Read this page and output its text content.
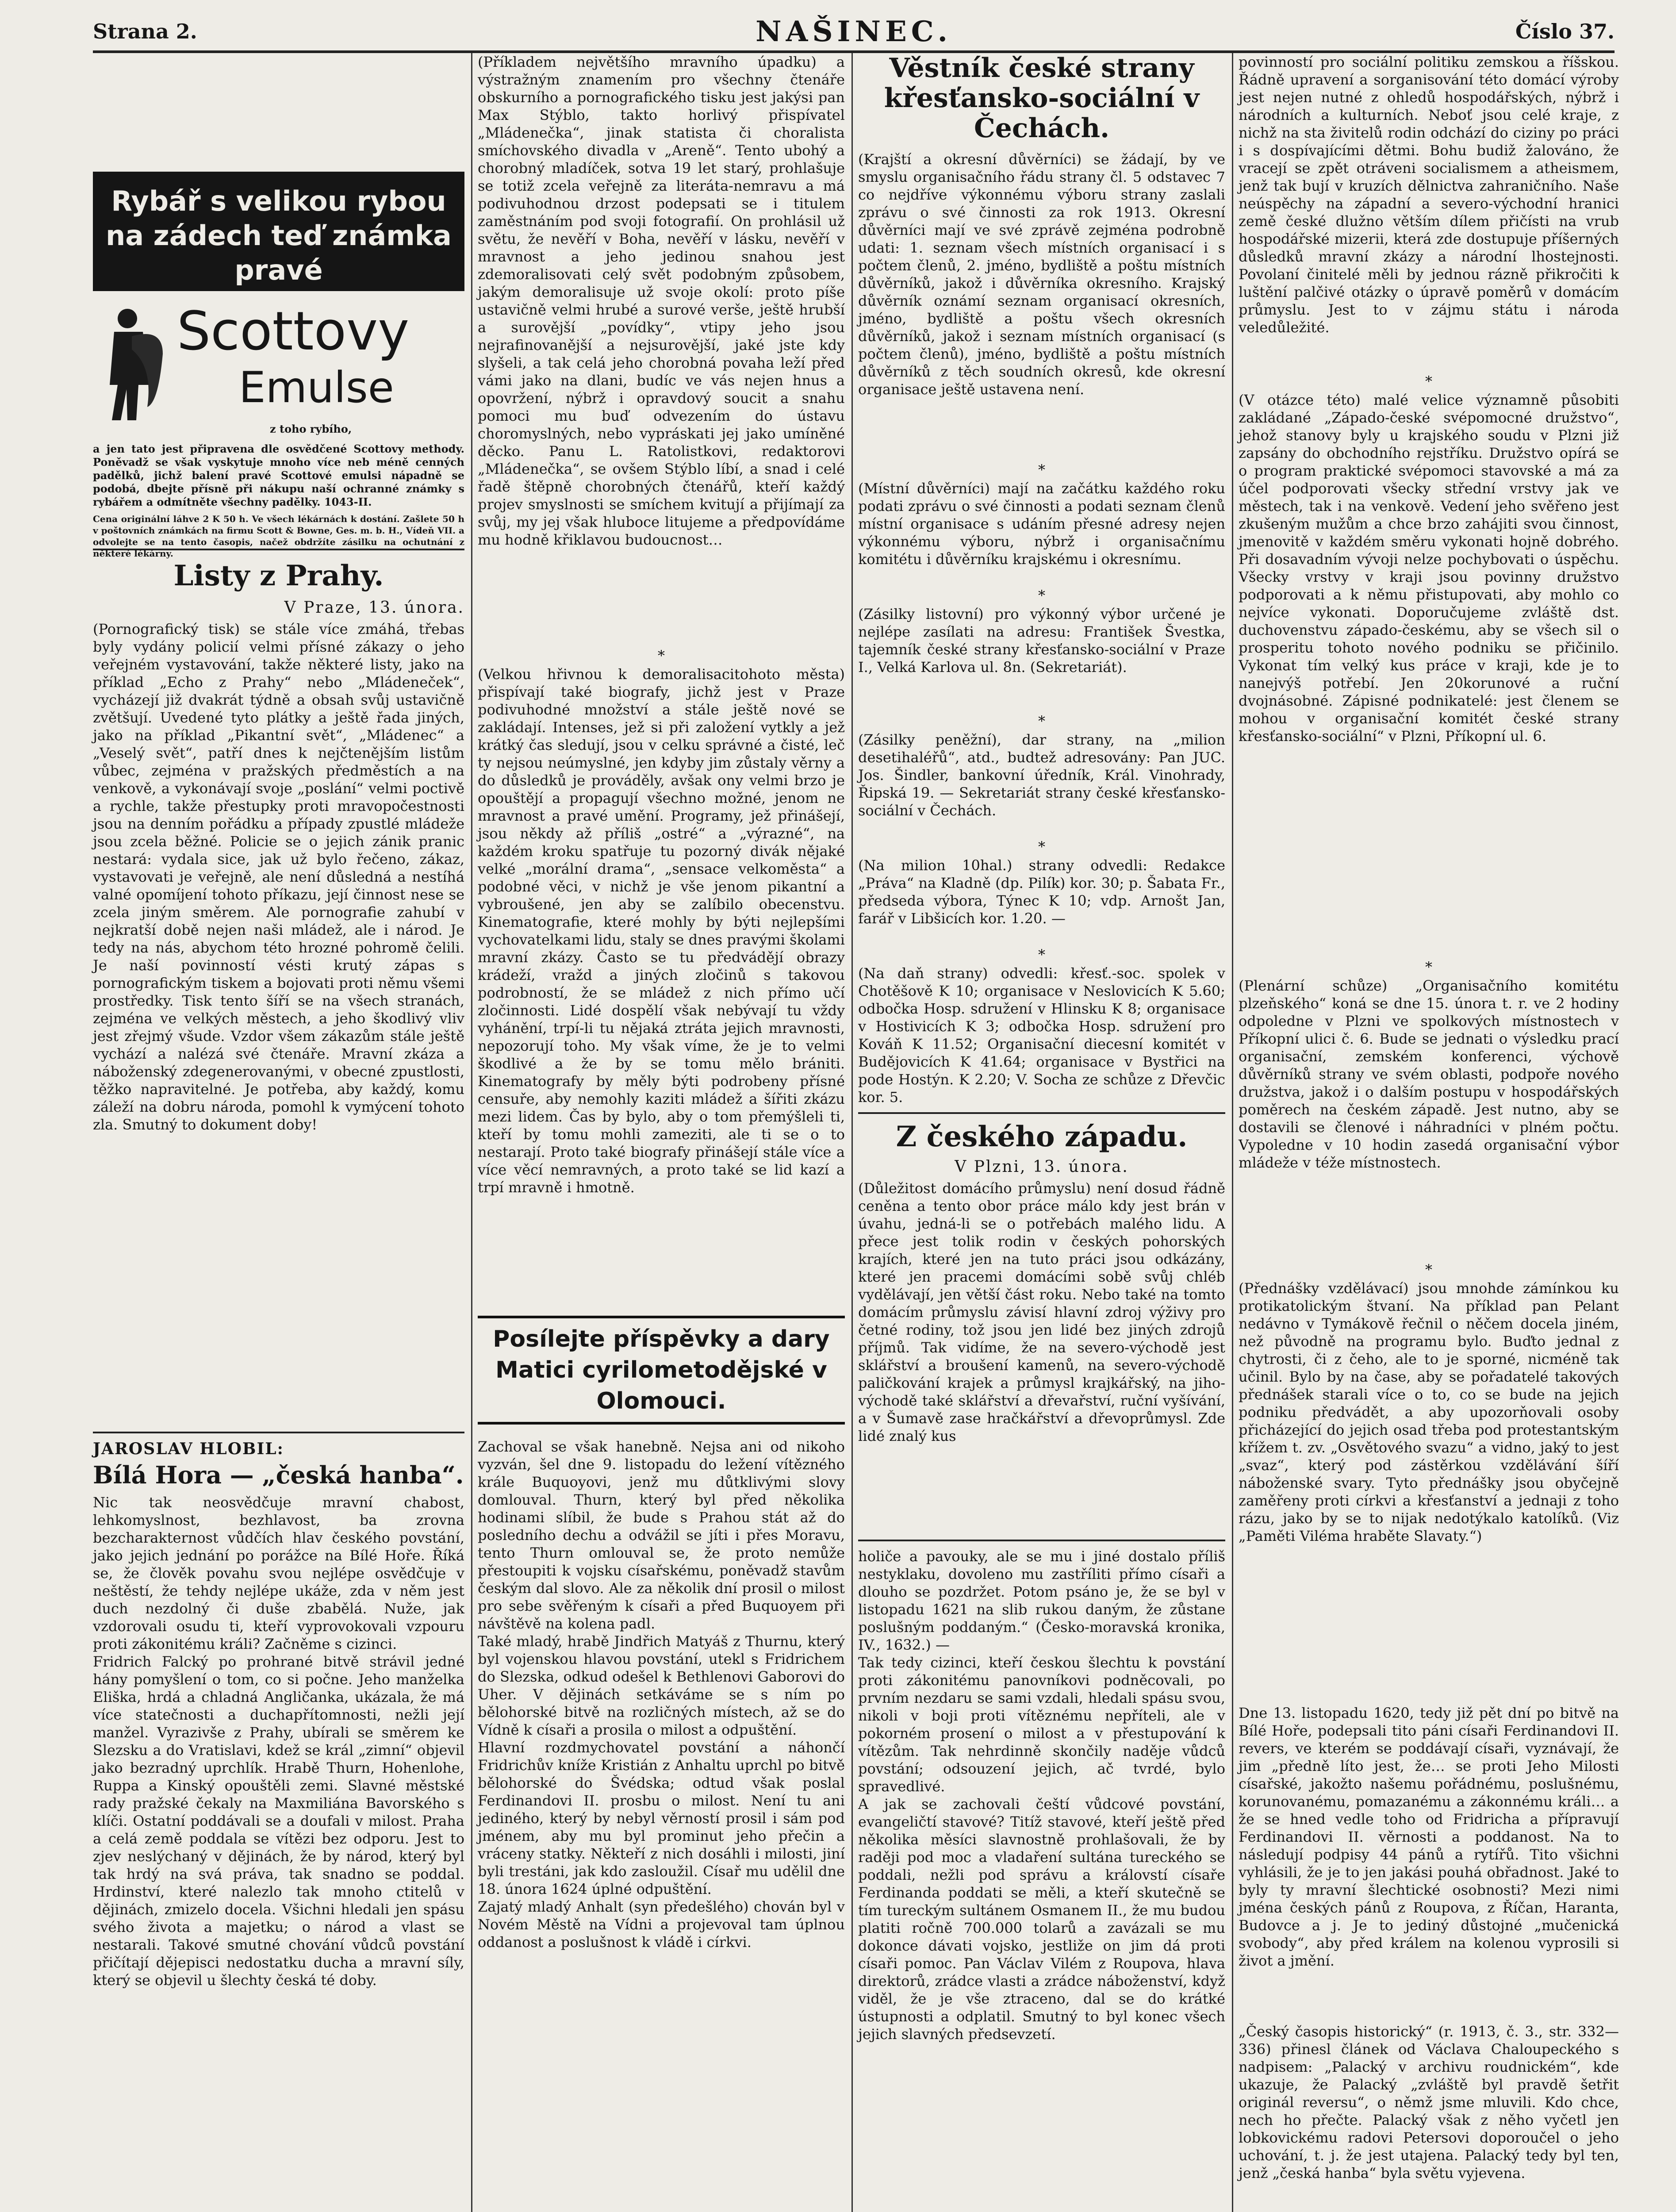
Strana 2.	NAŠINEC.	Číslo 37.
Rybář s velikou rybou na zádech teď známka pravé
Scottovy
Emulse
z toho rybího,

a jen tato jest připravena dle osvědčené Scottovy methody. Poněvadž se však vyskytuje mnoho více neb méně cenných padělků, jichž balení pravé Scottové emulsi nápadně se podobá, dbejte přísně při nákupu naší ochranné známky s rybářem a odmítněte všechny padělky. 1043-II.

Cena originální láhve 2 K 50 h. Ve všech lékárnách k dostání. Zašlete 50 h v poštovních známkách na firmu Scott & Bowne, Ges. m. b. H., Vídeň VII. a odvolejte se na tento časopis, načež obdržíte zásilku na ochutnání z některé lékárny.

Listy z Prahy.

V Praze, 13. února.

(Pornografický tisk) se stále více zmáhá, třebas byly vydány policií velmi přísné zákazy o jeho veřejném vystavování, takže některé listy, jako na příklad „Echo z Prahy“ nebo „Mládeneček“, vycházejí již dvakrát týdně a obsah svůj ustavičně zvětšují. Uvedené tyto plátky a ještě řada jiných, jako na příklad „Pikantní svět“, „Mládenec“ a „Veselý svět“, patří dnes k nejčtenějším listům vůbec, zejména v pražských předměstích a na venkově, a vykonávají svoje „poslání“ velmi poctivě a rychle, takže přestupky proti mravopočestnosti jsou na denním pořádku a případy zpustlé mládeže jsou zcela běžné. Policie se o jejich zánik pranic nestará: vydala sice, jak už bylo řečeno, zákaz, vystavovati je veřejně, ale není důsledná a nestíhá valné opomíjení tohoto příkazu, její činnost nese se zcela jiným směrem. Ale pornografie zahubí v nejkratší době nejen naši mládež, ale i národ. Je tedy na nás, abychom této hrozné pohromě čelili. Je naší povinností vésti krutý zápas s pornografickým tiskem a bojovati proti němu všemi prostředky. Tisk tento šíří se na všech stranách, zejména ve velkých městech, a jeho škodlivý vliv jest zřejmý všude. Vzdor všem zákazům stále ještě vychází a nalézá své čtenáře. Mravní zkáza a náboženský zdegenerovanými, v obecné zpustlosti, těžko napravitelné. Je potřeba, aby každý, komu záleží na dobru národa, pomohl k vymýcení tohoto zla. Smutný to dokument doby!

JAROSLAV HLOBIL:

Bílá Hora — „česká hanba“.

Nic tak neosvědčuje mravní chabost, lehkomyslnost, bezhlavost, ba zrovna bezcharakternost vůdčích hlav českého povstání, jako jejich jednání po porážce na Bílé Hoře. Říká se, že člověk povahu svou nejlépe osvědčuje v neštěstí, že tehdy nejlépe ukáže, zda v něm jest duch nezdolný či duše zbabělá. Nuže, jak vzdorovali osudu ti, kteří vyprovokovali vzpouru proti zákonitému králi? Začněme s cizinci.
Fridrich Falcký po prohrané bitvě strávil jedné hány pomyšlení o tom, co si počne. Jeho manželka Eliška, hrdá a chladná Angličanka, ukázala, že má více statečnosti a duchapřítomnosti, nežli její manžel. Vyrazivše z Prahy, ubírali se směrem ke Slezsku a do Vratislavi, kdež se král „zimní“ objevil jako bezradný uprchlík. Hrabě Thurn, Hohenlohe, Ruppa a Kinský opouštěli zemi. Slavné městské rady pražské čekaly na Maxmiliána Bavorského s klíči. Ostatní poddávali se a doufali v milost. Praha a celá země poddala se vítězi bez odporu. Jest to zjev neslýchaný v dějinách, že by národ, který byl tak hrdý na svá práva, tak snadno se poddal. Hrdinství, které nalezlo tak mnoho ctitelů v dějinách, zmizelo docela. Všichni hledali jen spásu svého života a majetku; o národ a vlast se nestarali. Takové smutné chování vůdců povstání přičítají dějepisci nedostatku ducha a mravní síly, který se objevil u šlechty česká té doby.

(Příkladem největšího mravního úpadku) a výstražným znamením pro všechny čtenáře obskurního a pornografického tisku jest jakýsi pan Max Stýblo, takto horlivý přispívatel „Mládenečka“, jinak statista či choralista smíchovského divadla v „Areně“. Tento ubohý a chorobný mladíček, sotva 19 let starý, prohlašuje se totiž zcela veřejně za literáta-nemravu a má podivuhodnou drzost podepsati se i titulem zaměstnáním pod svoji fotografií. On prohlásil už světu, že nevěří v Boha, nevěří v lásku, nevěří v mravnost a jeho jedinou snahou jest zdemoralisovati celý svět podobným způsobem, jakým demoralisuje už svoje okolí: proto píše ustavičně velmi hrubé a surové verše, ještě hrubší a surovější „povídky“, vtipy jeho jsou nejrafinovanější a nejsurovější, jaké jste kdy slyšeli, a tak celá jeho chorobná povaha leží před vámi jako na dlani, budíc ve vás nejen hnus a opovržení, nýbrž i opravdový soucit a snahu pomoci mu buď odvezením do ústavu choromyslných, nebo vypráskati jej jako umíněné děcko. Panu L. Ratolistkovi, redaktorovi „Mládenečka“, se ovšem Stýblo líbí, a snad i celé řadě štěpně chorobných čtenářů, kteří každý projev smyslnosti se smíchem kvitují a přijímají za svůj, my jej však hluboce litujeme a předpovídáme mu hodně křiklavou budoucnost…

*

(Velkou hřivnou k demoralisacitohoto města) přispívají také biografy, jichž jest v Praze podivuhodné množství a stále ještě nové se zakládají. Intenses, jež si při založení vytkly a jež krátký čas sledují, jsou v celku správné a čisté, leč ty nejsou neúmyslné, jen kdyby jim zůstaly věrny a do důsledků je prováděly, avšak ony velmi brzo je opouštějí a propagují všechno možné, jenom ne mravnost a pravé umění. Programy, jež přinášejí, jsou někdy až příliš „ostré“ a „výrazné“, na každém kroku spatřuje tu pozorný divák nějaké velké „morální drama“, „sensace velkoměsta“ a podobné věci, v nichž je vše jenom pikantní a vybroušené, jen aby se zalíbilo obecenstvu. Kinematografie, které mohly by býti nejlepšími vychovatelkami lidu, staly se dnes pravými školami mravní zkázy. Často se tu předvádějí obrazy krádeží, vražd a jiných zločinů s takovou podrobností, že se mládež z nich přímo učí zločinnosti. Lidé dospělí však nebývají tu vždy vyhánění, trpí-li tu nějaká ztráta jejich mravnosti, nepozorují toho. My však víme, že je to velmi škodlivé a že by se tomu mělo brániti. Kinematografy by měly býti podrobeny přísné censuře, aby nemohly kaziti mládež a šířiti zkázu mezi lidem. Čas by bylo, aby o tom přemýšleli ti, kteří by tomu mohli zameziti, ale ti se o to nestarají. Proto také biografy přinášejí stále více a více věcí nemravných, a proto také se lid kazí a trpí mravně i hmotně.

Posílejte příspěvky a dary Matici cyrilometodějské v Olomouci.

Zachoval se však hanebně. Nejsa ani od nikoho vyzván, šel dne 9. listopadu do ležení vítězného krále Buquoyovi, jenž mu důtklivými slovy domlouval. Thurn, který byl před několika hodinami slíbil, že bude s Prahou stát až do posledního dechu a odvážil se jíti i přes Moravu, tento Thurn omlouval se, že proto nemůže přestoupiti k vojsku císařskému, poněvadž stavům českým dal slovo. Ale za několik dní prosil o milost pro sebe svěřeným k císaři a před Buquoyem při návštěvě na kolena padl.
Také mladý, hrabě Jindřich Matyáš z Thurnu, který byl vojenskou hlavou povstání, utekl s Fridrichem do Slezska, odkud odešel k Bethlenovi Gaborovi do Uher. V dějinách setkáváme se s ním po bělohorské bitvě na rozličných místech, až se do Vídně k císaři a prosila o milost a odpuštění.
Hlavní rozdmychovatel povstání a náhončí Fridrichův kníže Kristián z Anhaltu uprchl po bitvě bělohorské do Švédska; odtud však poslal Ferdinandovi II. prosbu o milost. Není tu ani jediného, který by nebyl věrností prosil i sám pod jménem, aby mu byl prominut jeho přečin a vráceny statky. Někteří z nich dosáhli i milosti, jiní byli trestáni, jak kdo zasloužil. Císař mu udělil dne 18. února 1624 úplné odpuštění.
Zajatý mladý Anhalt (syn předešlého) chován byl v Novém Městě na Vídni a projevoval tam úplnou oddanost a poslušnost k vládě i církvi.

Věstník české strany křesťansko-sociální v Čechách.

(Krajští a okresní důvěrníci) se žádají, by ve smyslu organisačního řádu strany čl. 5 odstavec 7 co nejdříve výkonnému výboru strany zaslali zprávu o své činnosti za rok 1913. Okresní důvěrníci mají ve své zprávě zejména podrobně udati: 1. seznam všech místních organisací i s počtem členů, 2. jméno, bydliště a poštu místních důvěrníků, jakož i důvěrníka okresního. Krajský důvěrník oznámí seznam organisací okresních, jméno, bydliště a poštu všech okresních důvěrníků, jakož i seznam místních organisací (s počtem členů), jméno, bydliště a poštu místních důvěrníků z těch soudních okresů, kde okresní organisace ještě ustavena není.

*

(Místní důvěrníci) mají na začátku každého roku podati zprávu o své činnosti a podati seznam členů místní organisace s udáním přesné adresy nejen výkonnému výboru, nýbrž i organisačnímu komitétu i důvěrníku krajskému i okresnímu.

*

(Zásilky listovní) pro výkonný výbor určené je nejlépe zasílati na adresu: František Švestka, tajemník české strany křesťansko-sociální v Praze I., Velká Karlova ul. 8n. (Sekretariát).

*

(Zásilky peněžní), dar strany, na „milion desetihaléřů“, atd., budtež adresovány: Pan JUC. Jos. Šindler, bankovní úředník, Král. Vinohrady, Řipská 19. — Sekretariát strany české křesťansko-sociální v Čechách.

*

(Na milion 10hal.) strany odvedli: Redakce „Práva“ na Kladně (dp. Pilík) kor. 30; p. Šabata Fr., předseda výbora, Týnec K 10; vdp. Arnošt Jan, farář v Libšicích kor. 1.20. —

*

(Na daň strany) odvedli: křesť.-soc. spolek v Chotěšově K 10; organisace v Neslovicích K 5.60; odbočka Hosp. sdružení v Hlinsku K 8; organisace v Hostivicích K 3; odbočka Hosp. sdružení pro Kováň K 11.52; Organisační diecesní komitét v Budějovicích K 41.64; organisace v Bystřici na pode Hostýn. K 2.20; V. Socha ze schůze z Dřevčic kor. 5.

Z českého západu.

V Plzni, 13. února.

(Důležitost domácího průmyslu) není dosud řádně ceněna a tento obor práce málo kdy jest brán v úvahu, jedná-li se o potřebách malého lidu. A přece jest tolik rodin v českých pohorských krajích, které jen na tuto práci jsou odkázány, které jen pracemi domácími sobě svůj chléb vydělávají, jen větší část roku. Nebo také na tomto domácím průmyslu závisí hlavní zdroj výživy pro četné rodiny, tož jsou jen lidé bez jiných zdrojů příjmů. Tak vidíme, že na severo-východě jest sklářství a broušení kamenů, na severo-východě paličkování krajek a průmysl krajkářský, na jiho-východě také sklářství a dřevařství, ruční vyšívání, a v Šumavě zase hračkářství a dřevoprůmysl. Zde lidé znalý kus

holiče a pavouky, ale se mu i jiné dostalo příliš nestyklaku, dovoleno mu zastříliti přímo císaři a dlouho se pozdržet. Potom psáno je, že se byl v listopadu 1621 na slib rukou daným, že zůstane poslušným poddaným.“ (Česko-moravská kronika, IV., 1632.) —
Tak tedy cizinci, kteří českou šlechtu k povstání proti zákonitému panovníkovi podněcovali, po prvním nezdaru se sami vzdali, hledali spásu svou, nikoli v boji proti vítěznému nepříteli, ale v pokorném prosení o milost a v přestupování k vítězům. Tak nehrdinně skončily naděje vůdců povstání; odsouzení jejich, ač tvrdé, bylo spravedlivé.
A jak se zachovali čeští vůdcové povstání, evangeličtí stavové? Titíž stavové, kteří ještě před několika měsíci slavnostně prohlašovali, že by raději pod moc a vladaření sultána tureckého se poddali, nežli pod správu a královstí císaře Ferdinanda poddati se měli, a kteří skutečně se tím tureckým sultánem Osmanem II., že mu budou platiti ročně 700.000 tolarů a zavázali se mu dokonce dávati vojsko, jestliže on jim dá proti císaři pomoc. Pan Václav Vilém z Roupova, hlava direktorů, zrádce vlasti a zrádce náboženství, když viděl, že je vše ztraceno, dal se do krátké ústupnosti a odplatil. Smutný to byl konec všech jejich slavných předsevzetí.

povinností pro sociální politiku zemskou a říšskou. Řádně upravení a sorganisování této domácí výroby jest nejen nutné z ohledů hospodářských, nýbrž i národních a kulturních. Neboť jsou celé kraje, z nichž na sta živitelů rodin odchází do ciziny po práci i s dospívajícími dětmi. Bohu budiž žalováno, že vracejí se zpět otráveni socialismem a atheismem, jenž tak bují v kruzích dělnictva zahraničního. Naše neúspěchy na západní a severo-východní hranici země české dlužno větším dílem přičísti na vrub hospodářské mizerii, která zde dostupuje příšerných důsledků mravní zkázy a národní lhostejnosti. Povolaní činitelé měli by jednou rázně přikročiti k luštění palčivé otázky o úpravě poměrů v domácím průmyslu. Jest to v zájmu státu i národa veledůležité.

*

(V otázce této) malé velice významně působiti zakládané „Západo-české svépomocné družstvo“, jehož stanovy byly u krajského soudu v Plzni již zapsány do obchodního rejstříku. Družstvo opírá se o program praktické svépomoci stavovské a má za účel podporovati všecky střední vrstvy jak ve městech, tak i na venkově. Vedení jeho svěřeno jest zkušeným mužům a chce brzo zahájiti svou činnost, jmenovitě v každém směru vykonati hojně dobrého. Při dosavadním vývoji nelze pochybovati o úspěchu. Všecky vrstvy v kraji jsou povinny družstvo podporovati a k němu přistupovati, aby mohlo co nejvíce vykonati. Doporučujeme zvláště dst. duchovenstvu západo-českému, aby se všech sil o prosperitu tohoto nového podniku se přičinilo. Vykonat tím velký kus práce v kraji, kde je to nanejvýš potřebí. Jen 20korunové a ruční dvojnásobné. Zápisné podnikatelé: jest členem se mohou v organisační komitét české strany křesťansko-sociální“ v Plzni, Příkopní ul. 6.

*

(Plenární schůze) „Organisačního komitétu plzeňského“ koná se dne 15. února t. r. ve 2 hodiny odpoledne v Plzni ve spolkových místnostech v Příkopní ulici č. 6. Bude se jednati o výsledku prací organisační, zemském konferenci, výchově důvěrníků strany ve svém oblasti, podpoře nového družstva, jakož i o dalším postupu v hospodářských poměrech na českém západě. Jest nutno, aby se dostavili se členové i náhradníci v plném počtu. Vypoledne v 10 hodin zasedá organisační výbor mládeže v téže místnostech.

*

(Přednášky vzdělávací) jsou mnohde zámínkou ku protikatolickým štvaní. Na příklad pan Pelant nedávno v Tymákově řečnil o něčem docela jiném, než původně na programu bylo. Buďto jednal z chytrosti, či z čeho, ale to je sporné, nicméně tak učinil. Bylo by na čase, aby se pořadatelé takových přednášek starali více o to, co se bude na jejich podniku předvádět, a aby upozorňovali osoby přicházející do jejich osad třeba pod protestantským křížem t. zv. „Osvětového svazu“ a vidno, jaký to jest „svaz“, který pod zástěrkou vzdělávání šíří náboženské svary. Tyto přednášky jsou obyčejně zaměřeny proti církvi a křesťanství a jednaji z toho rázu, jako by se to nijak nedotýkalo katolíků. (Viz „Paměti Viléma hraběte Slavaty.“)

Dne 13. listopadu 1620, tedy již pět dní po bitvě na Bílé Hoře, podepsali tito páni císaři Ferdinandovi II. revers, ve kterém se poddávají císaři, vyznávají, že jim „předně líto jest, že… se proti Jeho Milosti císařské, jakožto našemu pořádnému, poslušnému, korunovanému, pomazanému a zákonnému králi… a že se hned vedle toho od Fridricha a přípravují Ferdinandovi II. věrnosti a poddanost. Na to následují podpisy 44 pánů a rytířů. Tito všichni vyhlásili, že je to jen jakási pouhá obřadnost. Jaké to byly ty mravní šlechtické osobnosti? Mezi nimi jména českých pánů z Roupova, z Říčan, Haranta, Budovce a j. Je to jediný důstojné „mučenická svobody“, aby před králem na kolenou vyprosili si život a jmění.

„Český časopis historický“ (r. 1913, č. 3., str. 332—336) přinesl článek od Václava Chaloupeckého s nadpisem: „Palacký v archivu roudnickém“, kde ukazuje, že Palacký „zvláště byl pravdě šetřit originál reversu“, o němž jsme mluvili. Kdo chce, nech ho přečte. Palacký však z něho vyčetl jen lobkovickému radovi Petersovi doporoučel o jeho uchování, t. j. že jest utajena. Palacký tedy byl ten, jenž „česká hanba“ byla světu vyjevena.
